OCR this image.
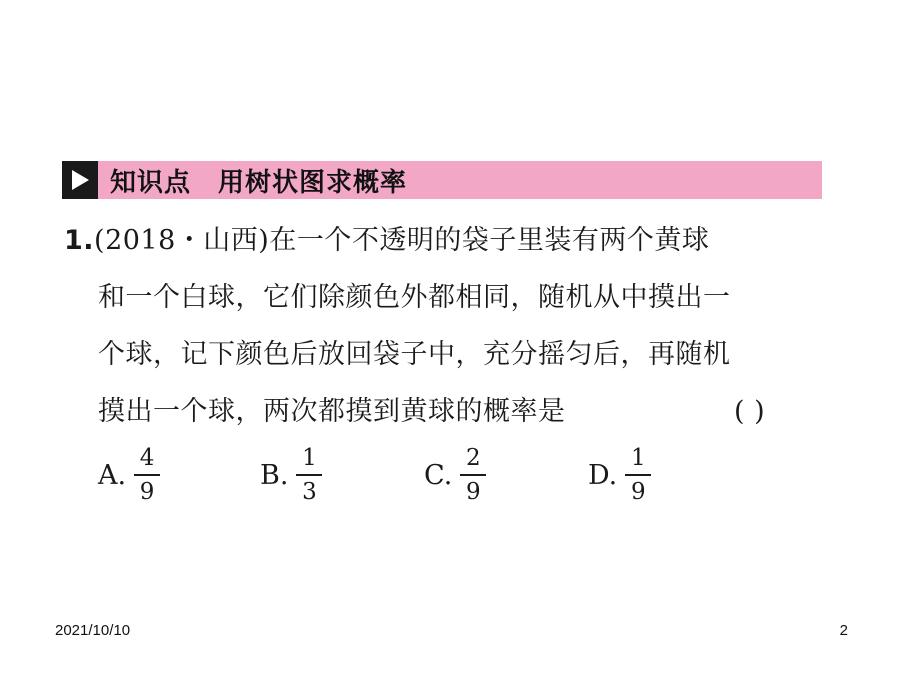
知识点　用树状图求概率
1.(2018・山西)在一个不透明的袋子里装有两个黄球
和一个白球，它们除颜色外都相同，随机从中摸出一
个球，记下颜色后放回袋子中，充分摇匀后，再随机
摸出一个球，两次都摸到黄球的概率是	( )
A. $\frac{4}{9}$	B. $\frac{1}{3}$	C. $\frac{2}{9}$	D. $\frac{1}{9}$
2021/10/10	2
